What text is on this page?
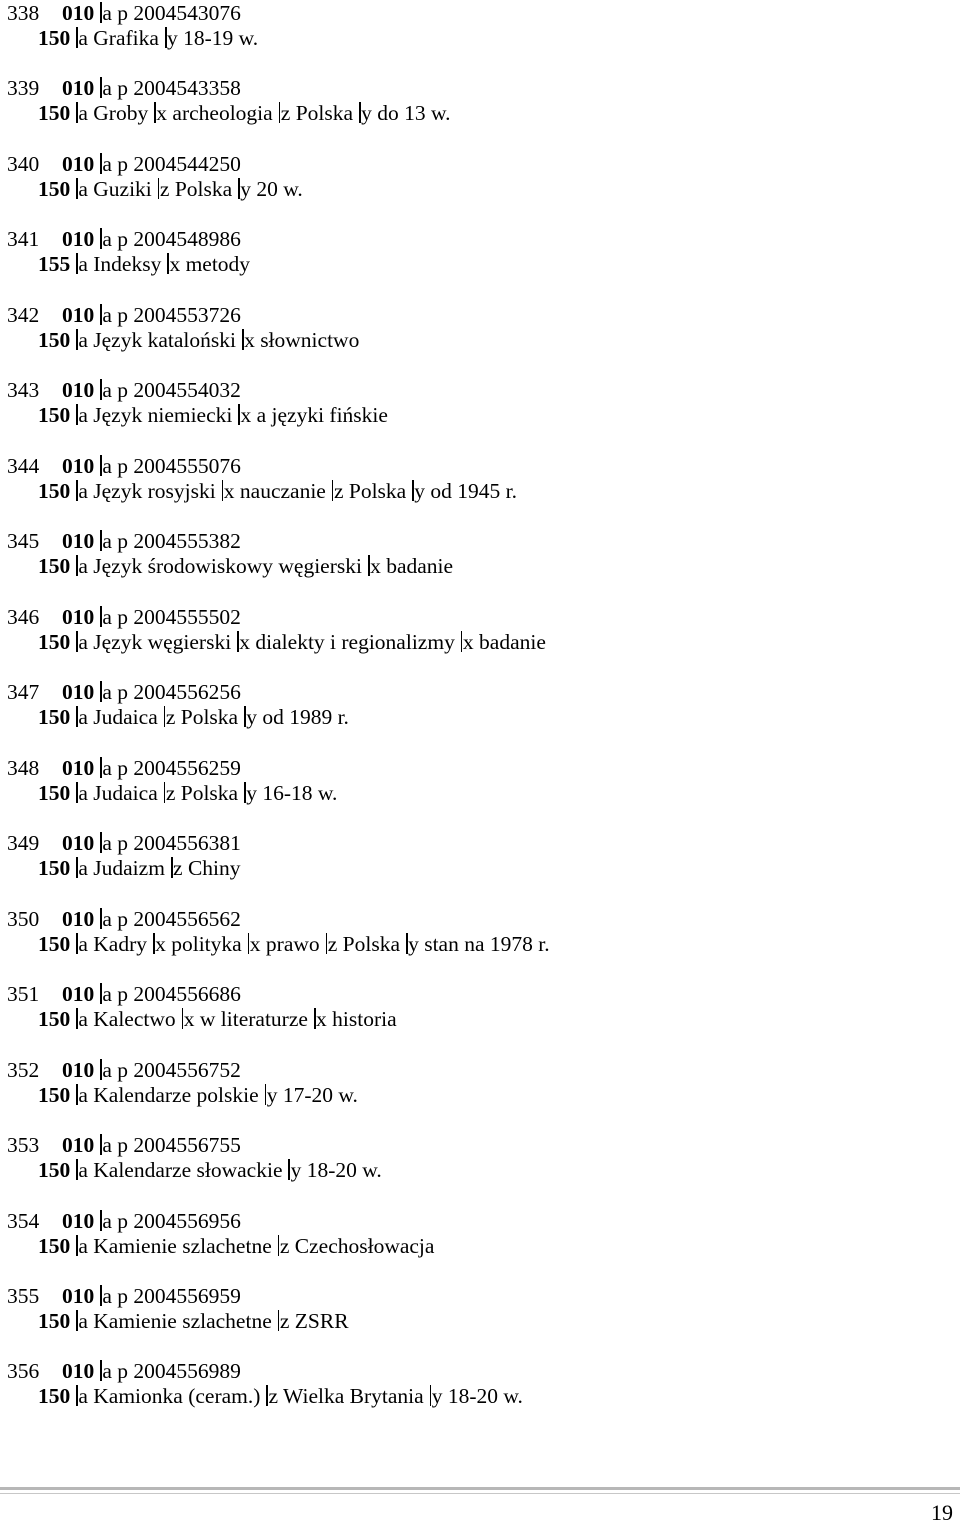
338 010 a p 2004543076
150 a Grafika y 18-19 w.
339 010 a p 2004543358
150 a Groby x archeologia z Polska y do 13 w.
340 010 a p 2004544250
150 a Guziki z Polska y 20 w.
341 010 a p 2004548986
155 a Indeksy x metody
342 010 a p 2004553726
150 a Język kataloński x słownictwo
343 010 a p 2004554032
150 a Język niemiecki x a języki fińskie
344 010 a p 2004555076
150 a Język rosyjski x nauczanie z Polska y od 1945 r.
345 010 a p 2004555382
150 a Język środowiskowy węgierski x badanie
346 010 a p 2004555502
150 a Język węgierski x dialekty i regionalizmy x badanie
347 010 a p 2004556256
150 a Judaica z Polska y od 1989 r.
348 010 a p 2004556259
150 a Judaica z Polska y 16-18 w.
349 010 a p 2004556381
150 a Judaizm z Chiny
350 010 a p 2004556562
150 a Kadry x polityka x prawo z Polska y stan na 1978 r.
351 010 a p 2004556686
150 a Kalectwo x w literaturze x historia
352 010 a p 2004556752
150 a Kalendarze polskie y 17-20 w.
353 010 a p 2004556755
150 a Kalendarze słowackie y 18-20 w.
354 010 a p 2004556956
150 a Kamienie szlachetne z Czechosłowacja
355 010 a p 2004556959
150 a Kamienie szlachetne z ZSRR
356 010 a p 2004556989
150 a Kamionka (ceram.) z Wielka Brytania y 18-20 w.
19
